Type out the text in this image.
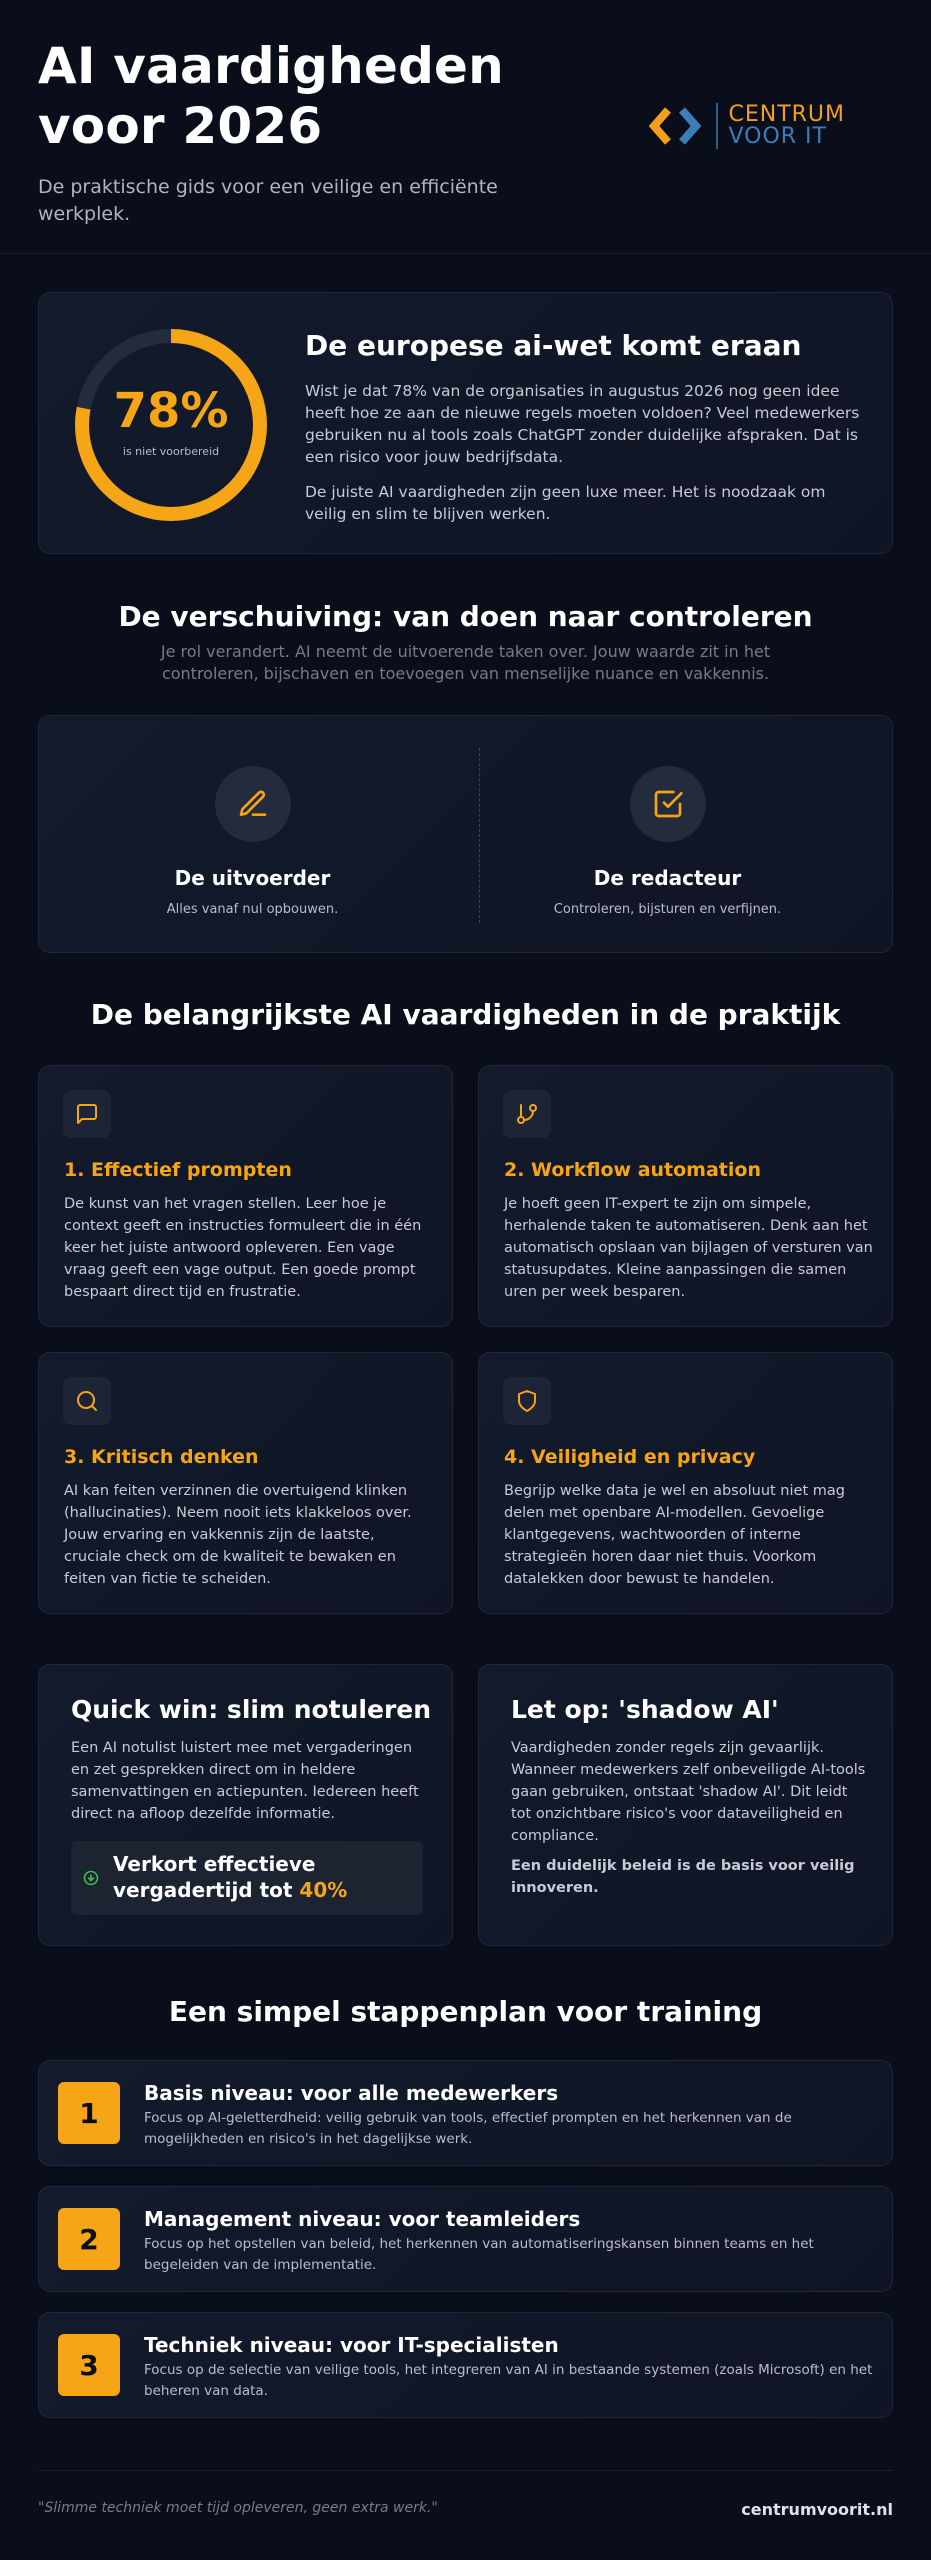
AI vaardigheden voor 2026

De praktische gids voor een veilige en efficiënte werkplek.

CENTRUM
VOOR IT
78%
is niet voorbereid
De europese ai-wet komt eraan

Wist je dat 78% van de organisaties in augustus 2026 nog geen idee heeft hoe ze aan de nieuwe regels moeten voldoen? Veel medewerkers gebruiken nu al tools zoals ChatGPT zonder duidelijke afspraken. Dat is een risico voor jouw bedrijfsdata.

De juiste AI vaardigheden zijn geen luxe meer. Het is noodzaak om veilig en slim te blijven werken.

De verschuiving: van doen naar controleren

Je rol verandert. AI neemt de uitvoerende taken over. Jouw waarde zit in het controleren, bijschaven en toevoegen van menselijke nuance en vakkennis.

De uitvoerder

Alles vanaf nul opbouwen.

De redacteur

Controleren, bijsturen en verfijnen.

De belangrijkste AI vaardigheden in de praktijk
1. Effectief prompten

De kunst van het vragen stellen. Leer hoe je context geeft en instructies formuleert die in één keer het juiste antwoord opleveren. Een vage vraag geeft een vage output. Een goede prompt bespaart direct tijd en frustratie.

2. Workflow automation

Je hoeft geen IT-expert te zijn om simpele, herhalende taken te automatiseren. Denk aan het automatisch opslaan van bijlagen of versturen van statusupdates. Kleine aanpassingen die samen uren per week besparen.

3. Kritisch denken

AI kan feiten verzinnen die overtuigend klinken (hallucinaties). Neem nooit iets klakkeloos over. Jouw ervaring en vakkennis zijn de laatste, cruciale check om de kwaliteit te bewaken en feiten van fictie te scheiden.

4. Veiligheid en privacy

Begrijp welke data je wel en absoluut niet mag delen met openbare AI-modellen. Gevoelige klantgegevens, wachtwoorden of interne strategieën horen daar niet thuis. Voorkom datalekken door bewust te handelen.

Quick win: slim notuleren

Een AI notulist luistert mee met vergaderingen en zet gesprekken direct om in heldere samenvattingen en actiepunten. Iedereen heeft direct na afloop dezelfde informatie.

Verkort effectieve vergadertijd tot 40%
Let op: 'shadow AI'

Vaardigheden zonder regels zijn gevaarlijk. Wanneer medewerkers zelf onbeveiligde AI-tools gaan gebruiken, ontstaat 'shadow AI'. Dit leidt tot onzichtbare risico's voor dataveiligheid en compliance.

Een duidelijk beleid is de basis voor veilig innoveren.

Een simpel stappenplan voor training
1
Basis niveau: voor alle medewerkers

Focus op AI-geletterdheid: veilig gebruik van tools, effectief prompten en het herkennen van de mogelijkheden en risico's in het dagelijkse werk.

2
Management niveau: voor teamleiders

Focus op het opstellen van beleid, het herkennen van automatiseringskansen binnen teams en het begeleiden van de implementatie.

3
Techniek niveau: voor IT-specialisten

Focus op de selectie van veilige tools, het integreren van AI in bestaande systemen (zoals Microsoft) en het beheren van data.

"Slimme techniek moet tijd opleveren, geen extra werk."	centrumvoorit.nl
